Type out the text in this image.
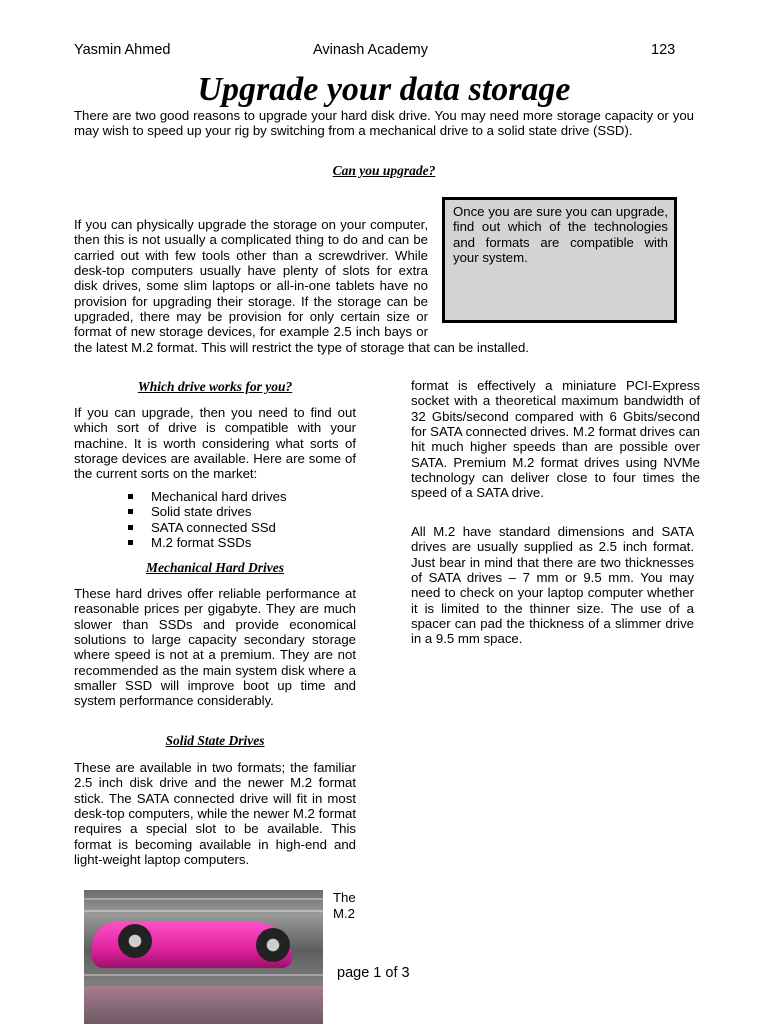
Yasmin Ahmed	Avinash Academy	123
Upgrade your data storage

There are two good reasons to upgrade your hard disk drive. You may need more storage capacity or you may wish to speed up your rig by switching from a mechanical drive to a solid state drive (SSD).

Can you upgrade?

Once you are sure you can upgrade, find out which of the technologies and formats are compatible with your system.

If you can physically upgrade the storage on your computer, then this is not usually a complicated thing to do and can be carried out with few tools other than a screwdriver. While desk-top computers usually have plenty of slots for extra disk drives, some slim laptops or all-in-one tablets have no provision for upgrading their storage. If the storage can be upgraded, there may be provision for only certain size or format of new storage devices, for example 2.5 inch bays or the latest M.2 format. This will restrict the type of storage that can be installed.

Which drive works for you?

If you can upgrade, then you need to find out which sort of drive is compatible with your machine. It is worth considering what sorts of storage devices are available. Here are some of the current sorts on the market:

Mechanical hard drives
Solid state drives
SATA connected SSd
M.2 format SSDs

Mechanical Hard Drives

These hard drives offer reliable performance at reasonable prices per gigabyte. They are much slower than SSDs and provide economical solutions to large capacity secondary storage where speed is not at a premium. They are not recommended as the main system disk where a smaller SSD will improve boot up time and system performance considerably.

Solid State Drives

These are available in two formats; the familiar 2.5 inch disk drive and the newer M.2 format stick. The SATA connected drive will fit in most desk-top computers, while the newer M.2 format requires a special slot to be available. This format is becoming available in high-end and light-weight laptop computers.

The

M.2

format is effectively a miniature PCI-Express socket with a theoretical maximum bandwidth of 32 Gbits/second compared with 6 Gbits/second for SATA connected drives. M.2 format drives can hit much higher speeds than are possible over SATA. Premium M.2 format drives using NVMe technology can deliver close to four times the speed of a SATA drive.

All M.2 have standard dimensions and SATA drives are usually supplied as 2.5 inch format. Just bear in mind that there are two thicknesses of SATA drives – 7 mm or 9.5 mm. You may need to check on your laptop computer whether it is limited to the thinner size. The use of a spacer can pad the thickness of a slimmer drive in a 9.5 mm space.

page 1 of 3
